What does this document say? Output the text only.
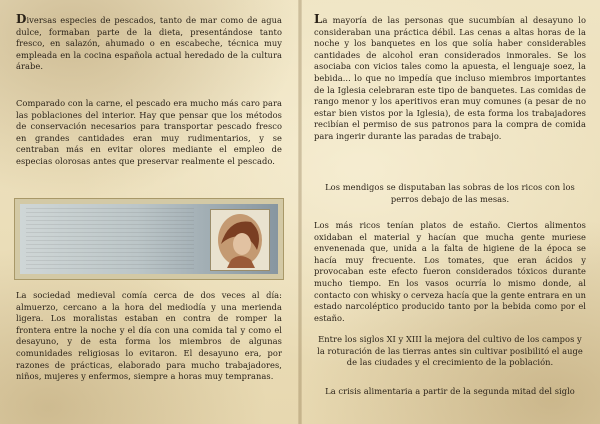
Diversas especies de pescados, tanto de mar como de agua dulce, formaban parte de la dieta, presentándose tanto fresco, en salazón, ahumado o en escabeche, técnica muy empleada en la cocina española actual heredado de la cultura árabe.

Comparado con la carne, el pescado era mucho más caro para las poblaciones del interior. Hay que pensar que los métodos de conservación necesarios para transportar pescado fresco en grandes cantidades eran muy rudimentarios, y se centraban más en evitar olores mediante el empleo de especias olorosas antes que preservar realmente el pescado.

La sociedad medieval comía cerca de dos veces al día: almuerzo, cercano a la hora del mediodía y una merienda ligera. Los moralistas estaban en contra de romper la frontera entre la noche y el día con una comida tal y como el desayuno, y de esta forma los miembros de algunas comunidades religiosas lo evitaron. El desayuno era, por razones de prácticas, elaborado para mucho trabajadores, niños, mujeres y enfermos, siempre a horas muy tempranas.

La mayoría de las personas que sucumbían al desayuno lo consideraban una práctica débil. Las cenas a altas horas de la noche y los banquetes en los que solía haber considerables cantidades de alcohol eran considerados inmorales. Se los asociaba con vicios tales como la apuesta, el lenguaje soez, la bebida... lo que no impedía que incluso miembros importantes de la Iglesia celebraran este tipo de banquetes. Las comidas de rango menor y los aperitivos eran muy comunes (a pesar de no estar bien vistos por la Iglesia), de esta forma los trabajadores recibían el permiso de sus patronos para la compra de comida para ingerir durante las paradas de trabajo.

Los mendigos se disputaban las sobras de los ricos con los perros debajo de las mesas.

Los más ricos tenían platos de estaño. Ciertos alimentos oxidaban el material y hacían que mucha gente muriese envenenada que, unida a la falta de higiene de la época se hacía muy frecuente. Los tomates, que eran ácidos y provocaban este efecto fueron considerados tóxicos durante mucho tiempo. En los vasos ocurría lo mismo donde, al contacto con whisky o cerveza hacía que la gente entrara en un estado narcoléptico producido tanto por la bebida como por el estaño.

Entre los siglos XI y XIII la mejora del cultivo de los campos y la roturación de las tierras antes sin cultivar posibilitó el auge de las ciudades y el crecimiento de la población.

La crisis alimentaria a partir de la segunda mitad del siglo
